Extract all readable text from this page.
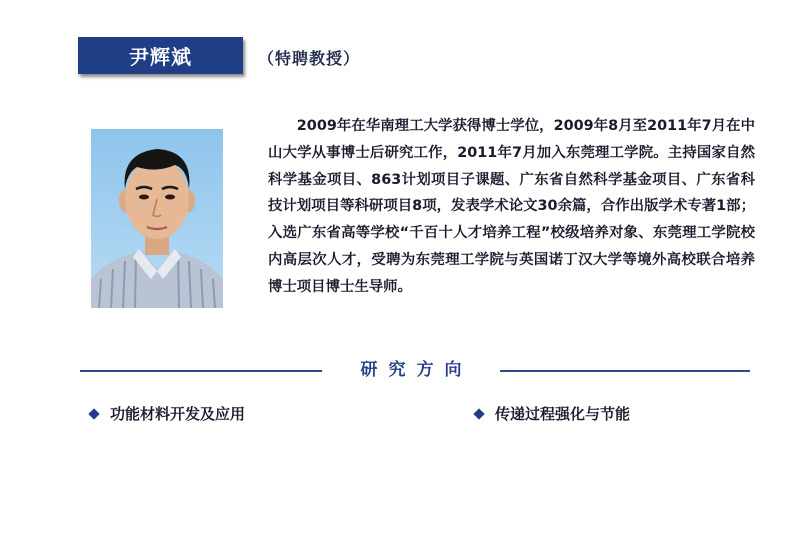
尹辉斌	（特聘教授）

2009年在华南理工大学获得博士学位，2009年8月至2011年7月在中山大学从事博士后研究工作，2011年7月加入东莞理工学院。主持国家自然科学基金项目、863计划项目子课题、广东省自然科学基金项目、广东省科技计划项目等科研项目8项，发表学术论文30余篇，合作出版学术专著1部；入选广东省高等学校“千百十人才培养工程”校级培养对象、东莞理工学院校内高层次人才，受聘为东莞理工学院与英国诺丁汉大学等境外高校联合培养博士项目博士生导师。

研究方向
功能材料开发及应用	传递过程强化与节能
